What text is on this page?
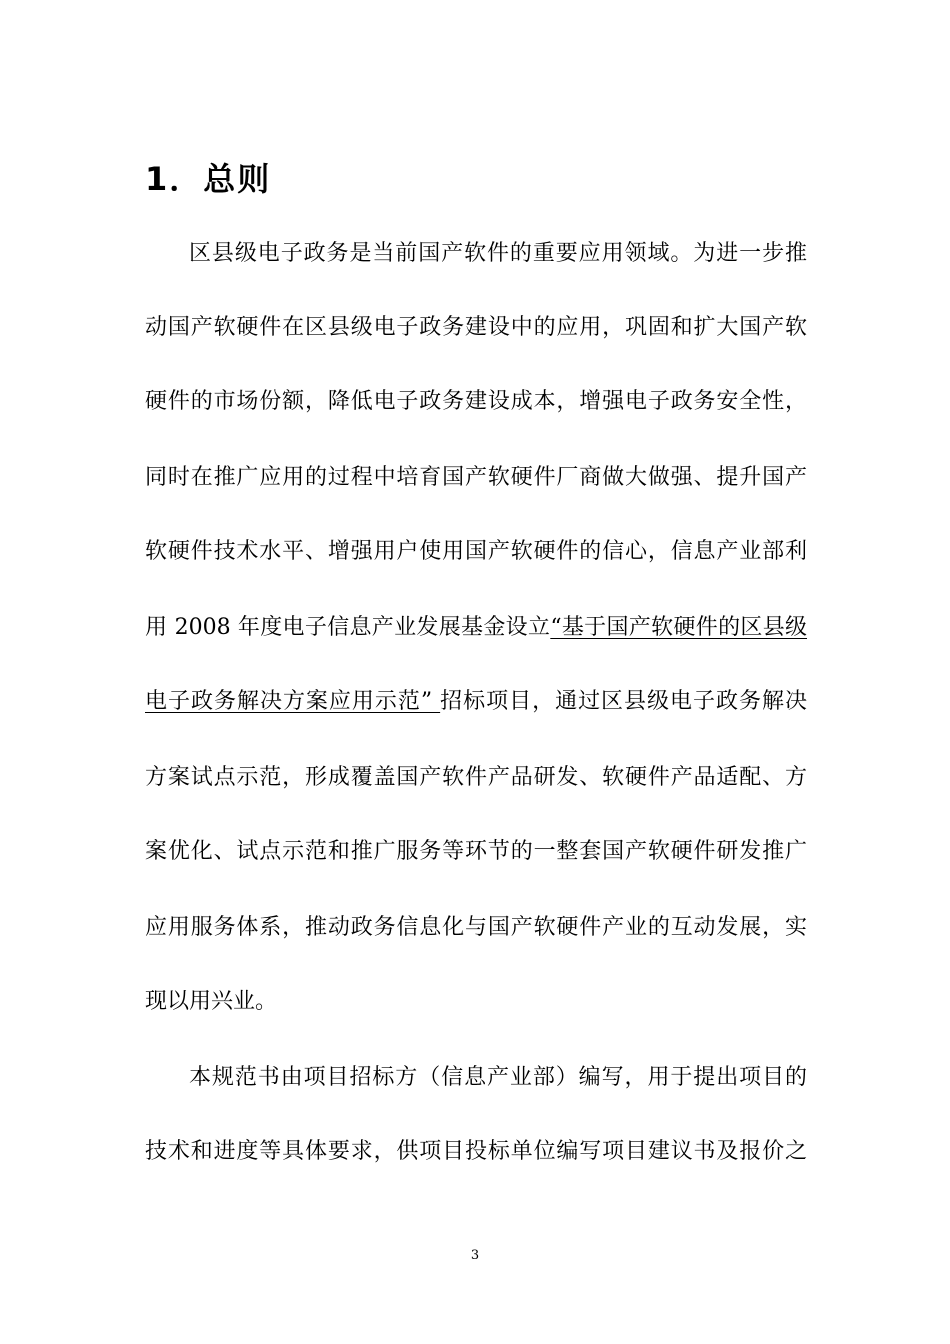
1．总则
区县级电子政务是当前国产软件的重要应用领域。为进一步推
动国产软硬件在区县级电子政务建设中的应用，巩固和扩大国产软
硬件的市场份额，降低电子政务建设成本，增强电子政务安全性，
同时在推广应用的过程中培育国产软硬件厂商做大做强、提升国产
软硬件技术水平、增强用户使用国产软硬件的信心，信息产业部利
用 2008 年度电子信息产业发展基金设立“基于国产软硬件的区县级
电子政务解决方案应用示范” 招标项目，通过区县级电子政务解决
方案试点示范，形成覆盖国产软件产品研发、软硬件产品适配、方
案优化、试点示范和推广服务等环节的一整套国产软硬件研发推广
应用服务体系，推动政务信息化与国产软硬件产业的互动发展，实
现以用兴业。
本规范书由项目招标方（信息产业部）编写，用于提出项目的
技术和进度等具体要求，供项目投标单位编写项目建议书及报价之
3
